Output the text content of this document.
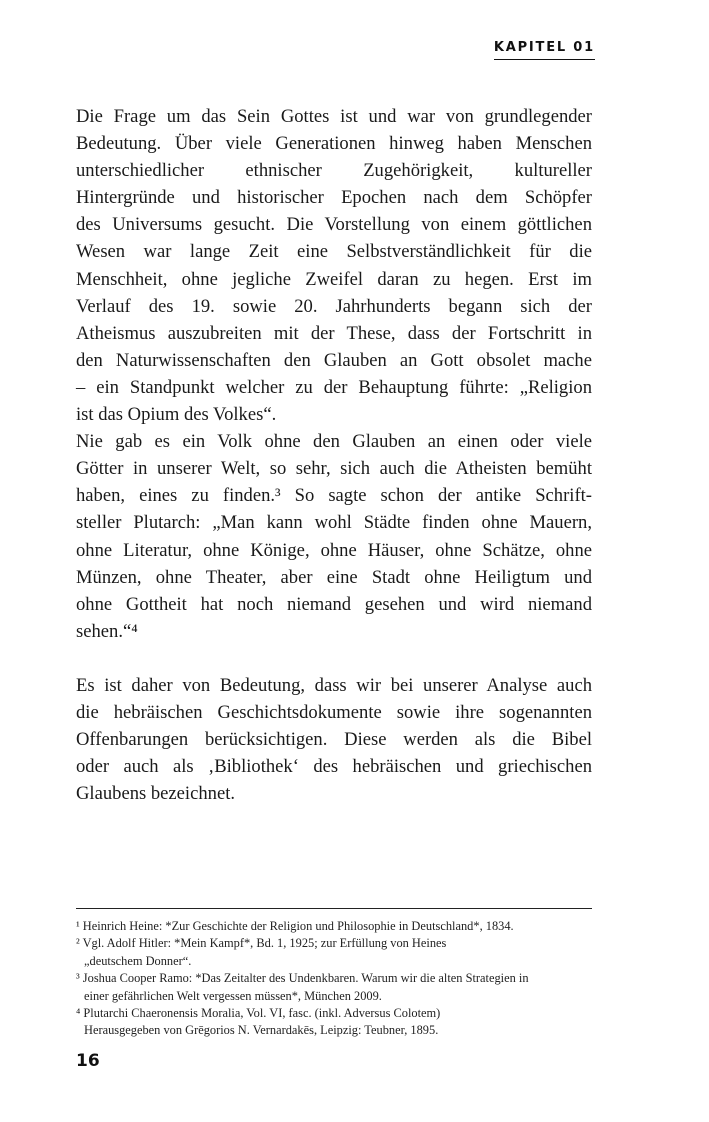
KAPITEL 01
Die Frage um das Sein Gottes ist und war von grundlegender
Bedeutung. Über viele Generationen hinweg haben Menschen
unterschiedlicher ethnischer Zugehörigkeit, kultureller
Hintergründe und historischer Epochen nach dem Schöpfer
des Universums gesucht. Die Vorstellung von einem göttlichen
Wesen war lange Zeit eine Selbstverständlichkeit für die
Menschheit, ohne jegliche Zweifel daran zu hegen. Erst im
Verlauf des 19. sowie 20. Jahrhunderts begann sich der
Atheismus auszubreiten mit der These, dass der Fortschritt in
den Naturwissenschaften den Glauben an Gott obsolet mache
– ein Standpunkt welcher zu der Behauptung führte: „Religion
ist das Opium des Volkes“.
Nie gab es ein Volk ohne den Glauben an einen oder viele
Götter in unserer Welt, so sehr, sich auch die Atheisten bemüht
haben, eines zu finden.³ So sagte schon der antike Schrift-
steller Plutarch: „Man kann wohl Städte finden ohne Mauern,
ohne Literatur, ohne Könige, ohne Häuser, ohne Schätze, ohne
Münzen, ohne Theater, aber eine Stadt ohne Heiligtum und
ohne Gottheit hat noch niemand gesehen und wird niemand
sehen.“⁴
Es ist daher von Bedeutung, dass wir bei unserer Analyse auch
die hebräischen Geschichtsdokumente sowie ihre sogenannten
Offenbarungen berücksichtigen. Diese werden als die Bibel
oder auch als ‚Bibliothek‘ des hebräischen und griechischen
Glaubens bezeichnet.
¹ Heinrich Heine: *Zur Geschichte der Religion und Philosophie in Deutschland*, 1834.
² Vgl. Adolf Hitler: *Mein Kampf*, Bd. 1, 1925; zur Erfüllung von Heines
„deutschem Donner“.
³ Joshua Cooper Ramo: *Das Zeitalter des Undenkbaren. Warum wir die alten Strategien in
einer gefährlichen Welt vergessen müssen*, München 2009.
⁴ Plutarchi Chaeronensis Moralia, Vol. VI, fasc. (inkl. Adversus Colotem)
Herausgegeben von Grēgorios N. Vernardakēs, Leipzig: Teubner, 1895.
16
